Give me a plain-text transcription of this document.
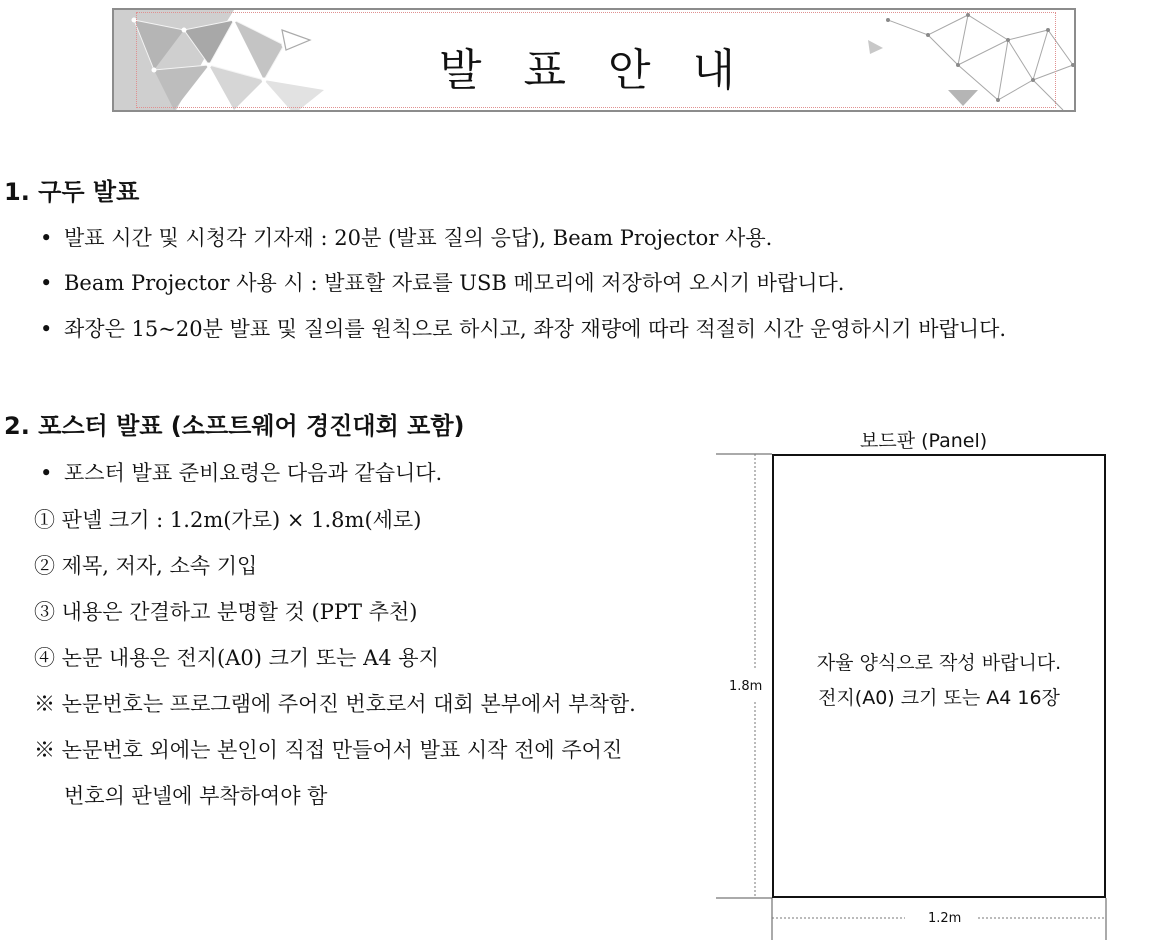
발 표 안 내
1. 구두 발표
• 발표 시간 및 시청각 기자재 : 20분 (발표 질의 응답), Beam Projector 사용.
• Beam Projector 사용 시 : 발표할 자료를 USB 메모리에 저장하여 오시기 바랍니다.
• 좌장은 15~20분 발표 및 질의를 원칙으로 하시고, 좌장 재량에 따라 적절히 시간 운영하시기 바랍니다.
2. 포스터 발표 (소프트웨어 경진대회 포함)
• 포스터 발표 준비요령은 다음과 같습니다.
① 판넬 크기 : 1.2m(가로) × 1.8m(세로)
② 제목, 저자, 소속 기입
③ 내용은 간결하고 분명할 것 (PPT 추천)
④ 논문 내용은 전지(A0) 크기 또는 A4 용지
※ 논문번호는 프로그램에 주어진 번호로서 대회 본부에서 부착함.
※ 논문번호 외에는 본인이 직접 만들어서 발표 시작 전에 주어진
번호의 판넬에 부착하여야 함
보드판 (Panel)
자율 양식으로 작성 바랍니다.
전지(A0) 크기 또는 A4 16장
1.8m
1.2m
